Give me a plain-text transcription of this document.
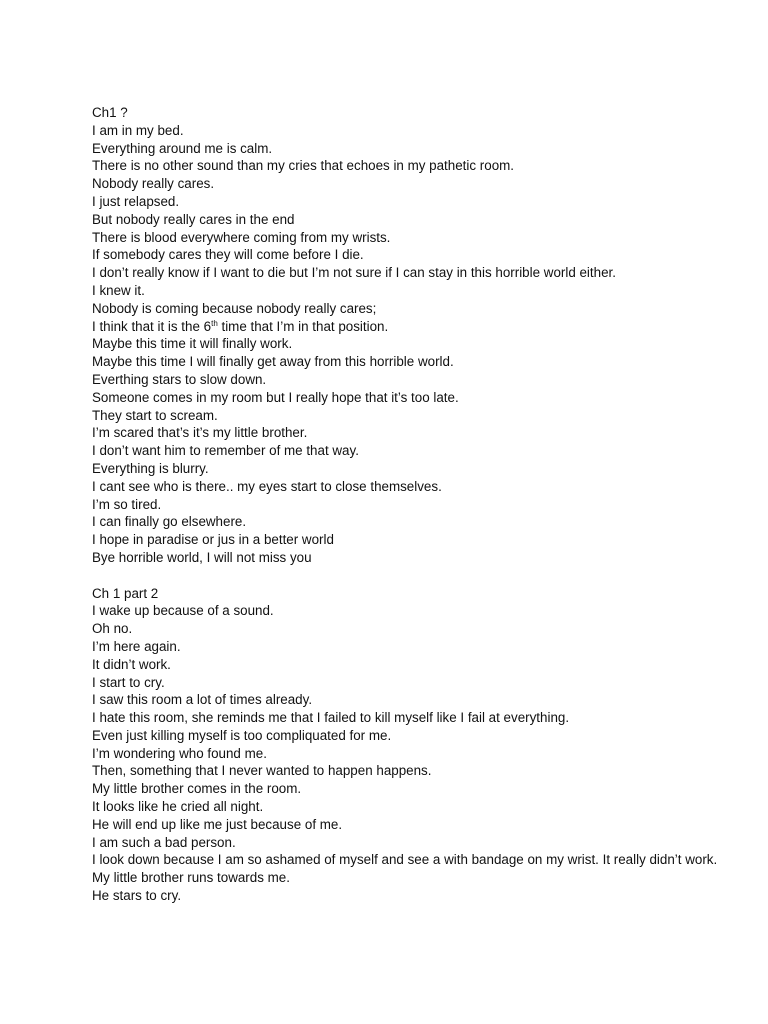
Ch1 ?
I am in my bed.
Everything around me is calm.
There is no other sound than my cries that echoes in my pathetic room.
Nobody really cares.
I just relapsed.
But nobody really cares in the end
There is blood everywhere coming from my wrists.
If somebody cares they will come before I die.
I don’t really know if I want to die but I’m not sure if I can stay in this horrible world either.
I knew it.
Nobody is coming because nobody really cares;
I think that it is the 6th time that I’m in that position.
Maybe this time it will finally work.
Maybe this time I will finally get away from this horrible world.
Everthing stars to slow down.
Someone comes in my room but I really hope that it’s too late.
They start to scream.
I’m scared that’s it’s my little brother.
I don’t want him to remember of me that way.
Everything is blurry.
I cant see who is there.. my eyes start to close themselves.
I’m so tired.
I can finally go elsewhere.
I hope in paradise or jus in a better world
Bye horrible world, I will not miss you
Ch 1 part 2
I wake up because of a sound.
Oh no.
I’m here again.
It didn’t work.
I start to cry.
I saw this room a lot of times already.
I hate this room, she reminds me that I failed to kill myself like I fail at everything.
Even just killing myself is too compliquated for me.
I’m wondering who found me.
Then, something that I never wanted to happen happens.
My little brother comes in the room.
It looks like he cried all night.
He will end up like me just because of me.
I am such a bad person.
I look down because I am so ashamed of myself and see a with bandage on my wrist. It really didn’t work.
My little brother runs towards me.
He stars to cry.
